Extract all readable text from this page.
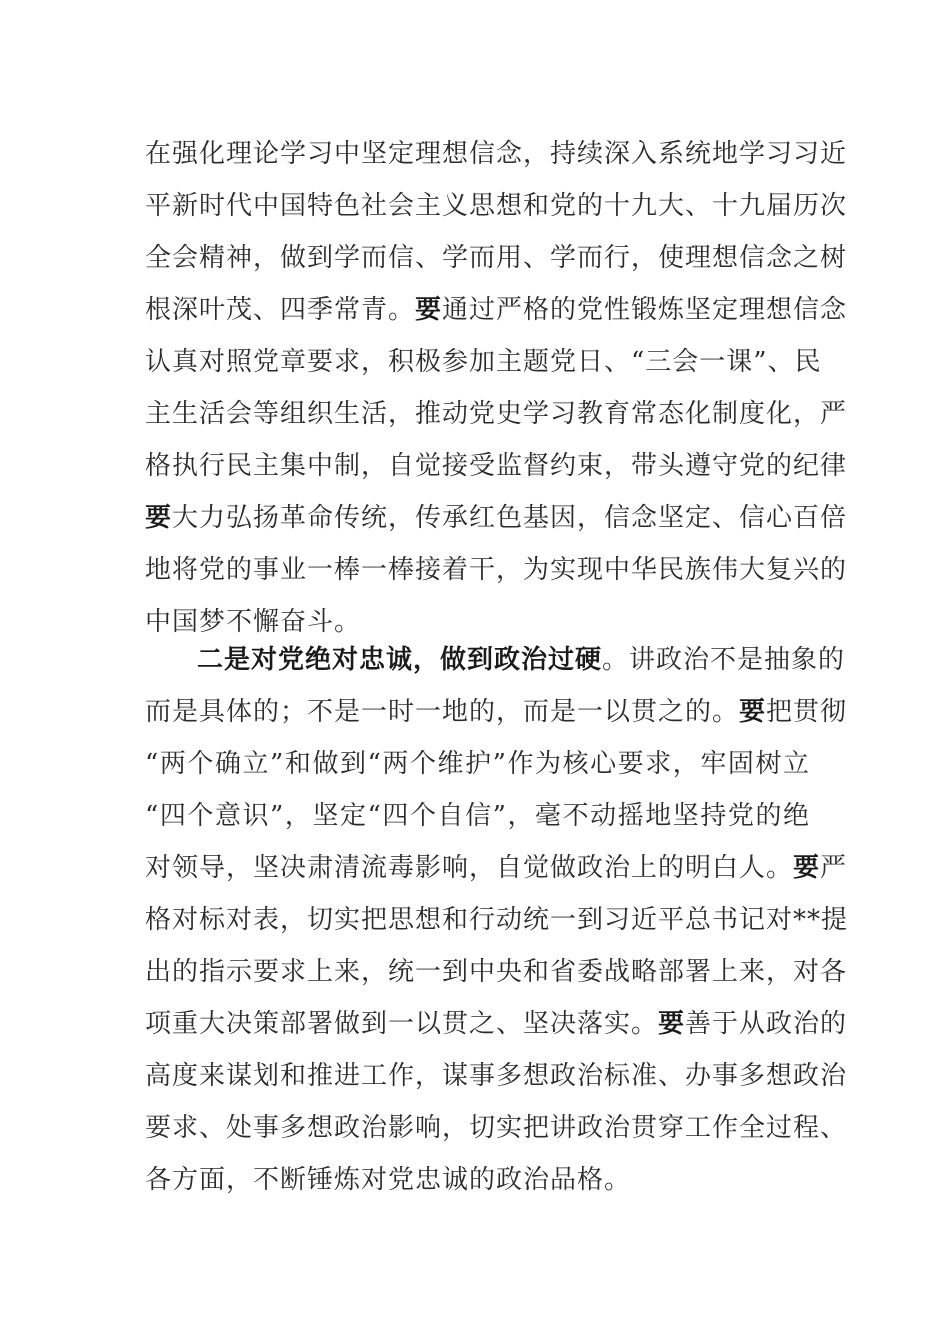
在强化理论学习中坚定理想信念，持续深入系统地学习习近
平新时代中国特色社会主义思想和党的十九大、十九届历次
全会精神，做到学而信、学而用、学而行，使理想信念之树
根深叶茂、四季常青。要通过严格的党性锻炼坚定理想信念
认真对照党章要求，积极参加主题党日、“三会一课”、民
主生活会等组织生活，推动党史学习教育常态化制度化，严
格执行民主集中制，自觉接受监督约束，带头遵守党的纪律
要大力弘扬革命传统，传承红色基因，信念坚定、信心百倍
地将党的事业一棒一棒接着干，为实现中华民族伟大复兴的
中国梦不懈奋斗。
二是对党绝对忠诚，做到政治过硬。讲政治不是抽象的
而是具体的；不是一时一地的，而是一以贯之的。要把贯彻
“两个确立”和做到“两个维护”作为核心要求，牢固树立
“四个意识”，坚定“四个自信”，毫不动摇地坚持党的绝
对领导，坚决肃清流毒影响，自觉做政治上的明白人。要严
格对标对表，切实把思想和行动统一到习近平总书记对**提
出的指示要求上来，统一到中央和省委战略部署上来，对各
项重大决策部署做到一以贯之、坚决落实。要善于从政治的
高度来谋划和推进工作，谋事多想政治标准、办事多想政治
要求、处事多想政治影响，切实把讲政治贯穿工作全过程、
各方面，不断锤炼对党忠诚的政治品格。
